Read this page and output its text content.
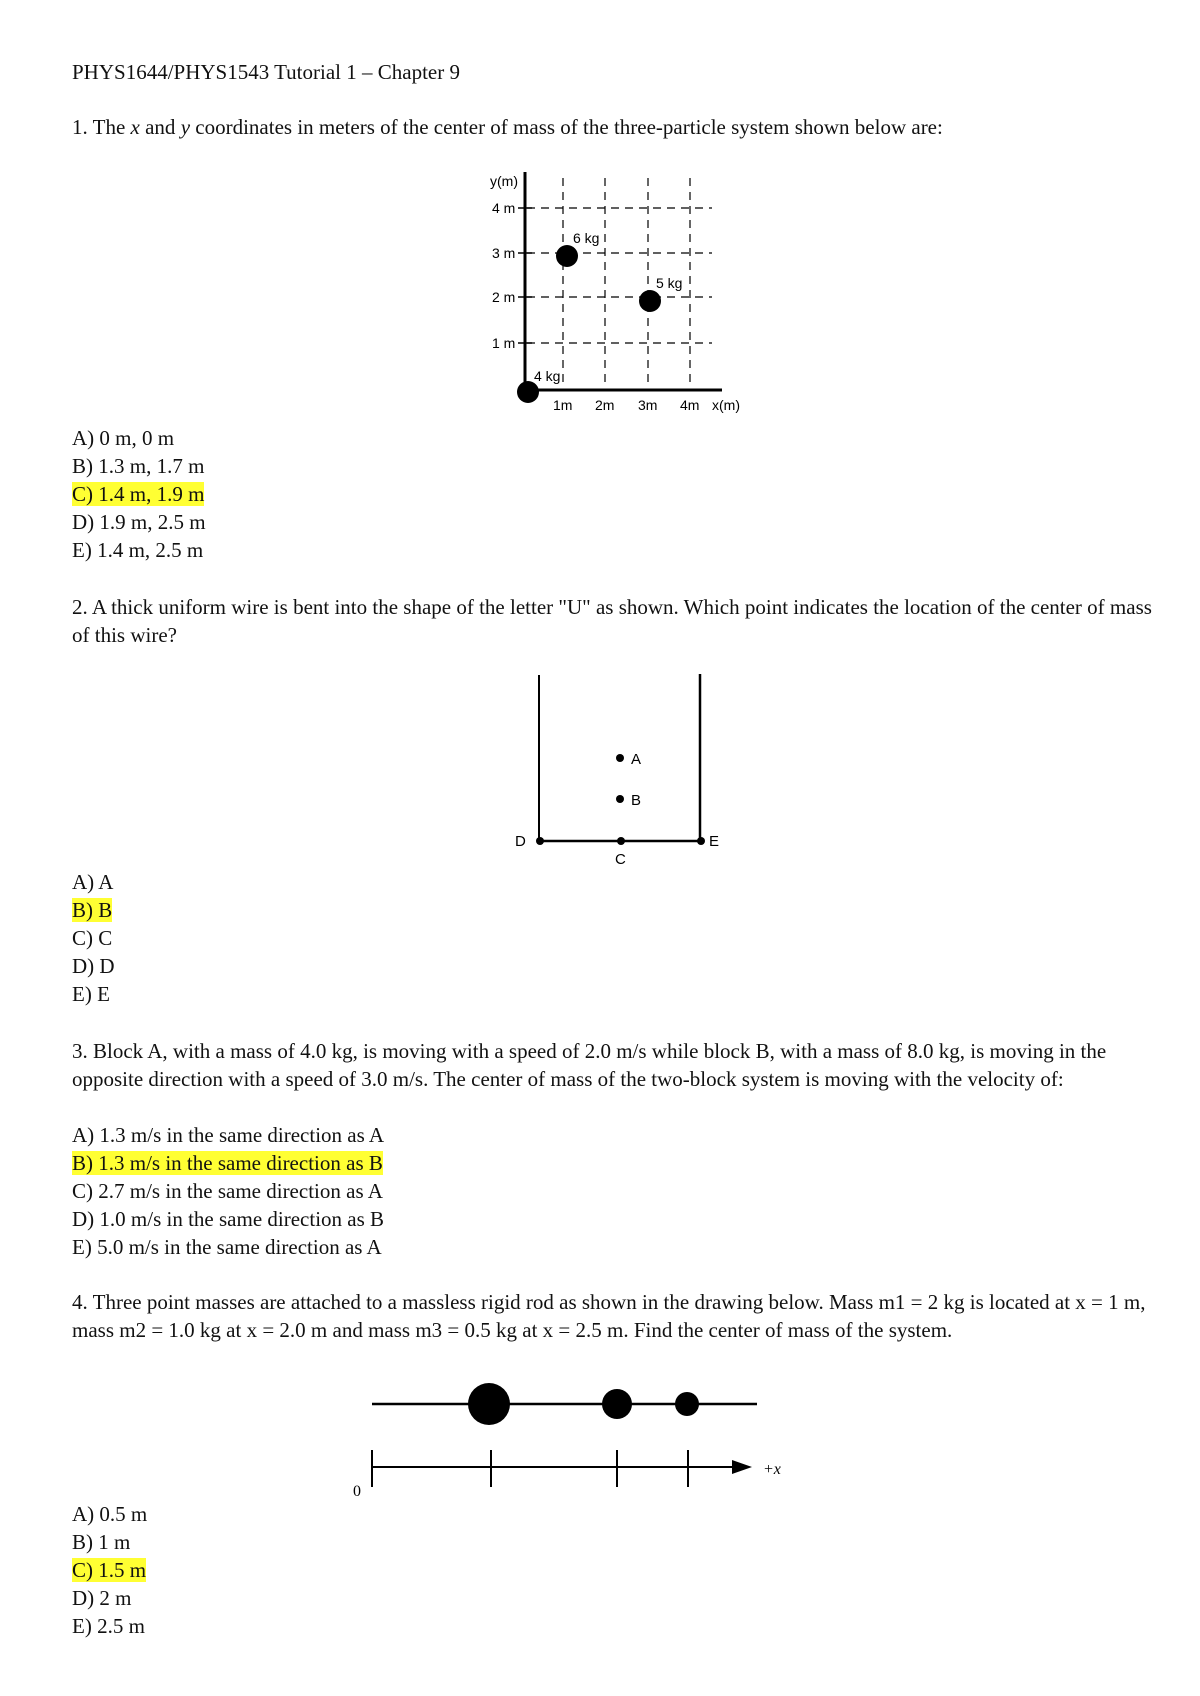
PHYS1644/PHYS1543 Tutorial 1 – Chapter 9
1. The x and y coordinates in meters of the center of mass of the three-particle system shown below are:
y(m)
4 m
3 m
2 m
1 m
1m 2m 3m 4m x(m)
6 kg
5 kg
4 kg
A) 0 m, 0 m
B) 1.3 m, 1.7 m
C) 1.4 m, 1.9 m
D) 1.9 m, 2.5 m
E) 1.4 m, 2.5 m
2. A thick uniform wire is bent into the shape of the letter "U" as shown. Which point indicates the location of the center of mass of this wire?
A
B
C
D	E
A) A
B) B
C) C
D) D
E) E
3. Block A, with a mass of 4.0 kg, is moving with a speed of 2.0 m/s while block B, with a mass of 8.0 kg, is moving in the opposite direction with a speed of 3.0 m/s. The center of mass of the two-block system is moving with the velocity of:
A) 1.3 m/s in the same direction as A
B) 1.3 m/s in the same direction as B
C) 2.7 m/s in the same direction as A
D) 1.0 m/s in the same direction as B
E) 5.0 m/s in the same direction as A
4. Three point masses are attached to a massless rigid rod as shown in the drawing below. Mass m1 = 2 kg is located at x = 1 m, mass m2 = 1.0 kg at x = 2.0 m and mass m3 = 0.5 kg at x = 2.5 m. Find the center of mass of the system.
0
+x
A) 0.5 m
B) 1 m
C) 1.5 m
D) 2 m
E) 2.5 m
